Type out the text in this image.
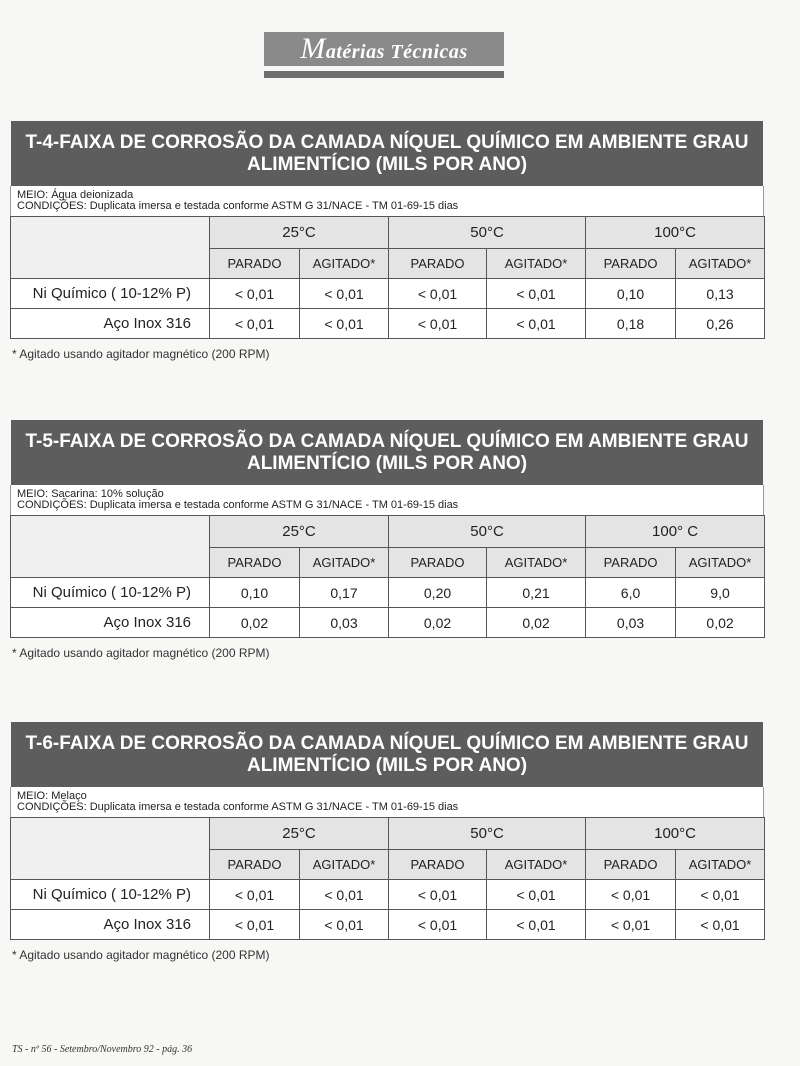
Matérias Técnicas
T-4-FAIXA DE CORROSÃO DA CAMADA NÍQUEL QUÍMICO EM AMBIENTE GRAU ALIMENTÍCIO (MILS POR ANO)
MEIO: Água deionizada
CONDIÇÕES: Duplicata imersa e testada conforme ASTM G 31/NACE - TM 01-69-15 dias
	25°C		50°C		100°C	
	PARADO	AGITADO*	PARADO	AGITADO*	PARADO	AGITADO*
Ni Químico ( 10-12% P)	< 0,01	< 0,01	< 0,01	< 0,01	0,10	0,13
Aço Inox 316	< 0,01	< 0,01	< 0,01	< 0,01	0,18	0,26
* Agitado usando agitador magnético (200 RPM)
T-5-FAIXA DE CORROSÃO DA CAMADA NÍQUEL QUÍMICO EM AMBIENTE GRAU ALIMENTÍCIO (MILS POR ANO)
MEIO: Sacarina: 10% solução
CONDIÇÕES: Duplicata imersa e testada conforme ASTM G 31/NACE - TM 01-69-15 dias
	25°C		50°C		100° C	
	PARADO	AGITADO*	PARADO	AGITADO*	PARADO	AGITADO*
Ni Químico ( 10-12% P)	0,10	0,17	0,20	0,21	6,0	9,0
Aço Inox 316	0,02	0,03	0,02	0,02	0,03	0,02
* Agitado usando agitador magnético (200 RPM)
T-6-FAIXA DE CORROSÃO DA CAMADA NÍQUEL QUÍMICO EM AMBIENTE GRAU ALIMENTÍCIO (MILS POR ANO)
MEIO: Melaço
CONDIÇÕES: Duplicata imersa e testada conforme ASTM G 31/NACE - TM 01-69-15 dias
	25°C		50°C		100°C	
	PARADO	AGITADO*	PARADO	AGITADO*	PARADO	AGITADO*
Ni Químico ( 10-12% P)	< 0,01	< 0,01	< 0,01	< 0,01	< 0,01	< 0,01
Aço Inox 316	< 0,01	< 0,01	< 0,01	< 0,01	< 0,01	< 0,01
* Agitado usando agitador magnético (200 RPM)
TS - nº 56 - Setembro/Novembro 92 - pág. 36
